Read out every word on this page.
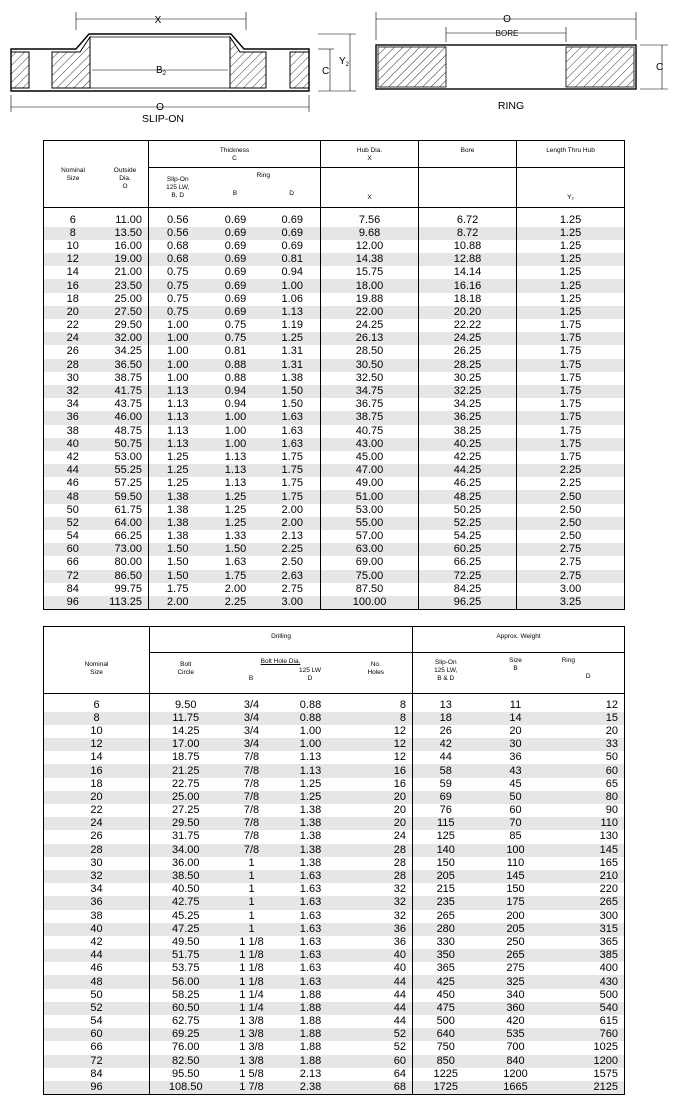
X
$B_2$
O
$Y_2$
C
SLIP-ON
O
BORE
C
RING
Nominal
Size

Outside
Dia.
O

Thickness
C

Hub Dia.
X
	Bore	Length Thru Hub

Slip-On
125 LW,
B, D

Ring
B	D
	X		Y₂

6	11.00	0.56	0.69	0.69	7.56	6.72	1.25
8	13.50	0.56	0.69	0.69	9.68	8.72	1.25
10	16.00	0.68	0.69	0.69	12.00	10.88	1.25
12	19.00	0.68	0.69	0.81	14.38	12.88	1.25
14	21.00	0.75	0.69	0.94	15.75	14.14	1.25
16	23.50	0.75	0.69	1.00	18.00	16.16	1.25
18	25.00	0.75	0.69	1.06	19.88	18.18	1.25
20	27.50	0.75	0.69	1.13	22.00	20.20	1.25
22	29.50	1.00	0.75	1.19	24.25	22.22	1.75
24	32.00	1.00	0.75	1.25	26.13	24.25	1.75
26	34.25	1.00	0.81	1.31	28.50	26.25	1.75
28	36.50	1.00	0.88	1.31	30.50	28.25	1.75
30	38.75	1.00	0.88	1.38	32.50	30.25	1.75
32	41.75	1.13	0.94	1.50	34.75	32.25	1.75
34	43.75	1.13	0.94	1.50	36.75	34.25	1.75
36	46.00	1.13	1.00	1.63	38.75	36.25	1.75
38	48.75	1.13	1.00	1.63	40.75	38.25	1.75
40	50.75	1.13	1.00	1.63	43.00	40.25	1.75
42	53.00	1.25	1.13	1.75	45.00	42.25	1.75
44	55.25	1.25	1.13	1.75	47.00	44.25	2.25
46	57.25	1.25	1.13	1.75	49.00	46.25	2.25
48	59.50	1.38	1.25	1.75	51.00	48.25	2.50
50	61.75	1.38	1.25	2.00	53.00	50.25	2.50
52	64.00	1.38	1.25	2.00	55.00	52.25	2.50
54	66.25	1.38	1.33	2.13	57.00	54.25	2.50
60	73.00	1.50	1.50	2.25	63.00	60.25	2.75
66	80.00	1.50	1.63	2.50	69.00	66.25	2.75
72	86.50	1.50	1.75	2.63	75.00	72.25	2.75
84	99.75	1.75	2.00	2.75	87.50	84.25	3.00
96	113.25	2.00	2.25	3.00	100.00	96.25	3.25
Nominal
Size
	Drilling	Approx. Weight

Bolt
Circle

Bolt Hole Dia.
	125 LW
B	D

No.
Holes

Slip-On
125 LW,
B & D

Size
B

Ring
D

6	9.50	3/4	0.88	8	13	11	12
8	11.75	3/4	0.88	8	18	14	15
10	14.25	3/4	1.00	12	26	20	20
12	17.00	3/4	1.00	12	42	30	33
14	18.75	7/8	1.13	12	44	36	50
16	21.25	7/8	1.13	16	58	43	60
18	22.75	7/8	1.25	16	59	45	65
20	25.00	7/8	1.25	20	69	50	80
22	27.25	7/8	1.38	20	76	60	90
24	29.50	7/8	1.38	20	115	70	110
26	31.75	7/8	1.38	24	125	85	130
28	34.00	7/8	1.38	28	140	100	145
30	36.00	1	1.38	28	150	110	165
32	38.50	1	1.63	28	205	145	210
34	40.50	1	1.63	32	215	150	220
36	42.75	1	1.63	32	235	175	265
38	45.25	1	1.63	32	265	200	300
40	47.25	1	1.63	36	280	205	315
42	49.50	1 1/8	1.63	36	330	250	365
44	51.75	1 1/8	1.63	40	350	265	385
46	53.75	1 1/8	1.63	40	365	275	400
48	56.00	1 1/8	1.63	44	425	325	430
50	58.25	1 1/4	1.88	44	450	340	500
52	60.50	1 1/4	1.88	44	475	360	540
54	62.75	1 3/8	1.88	44	500	420	615
60	69.25	1 3/8	1.88	52	640	535	760
66	76.00	1 3/8	1.88	52	750	700	1025
72	82.50	1 3/8	1.88	60	850	840	1200
84	95.50	1 5/8	2.13	64	1225	1200	1575
96	108.50	1 7/8	2.38	68	1725	1665	2125
